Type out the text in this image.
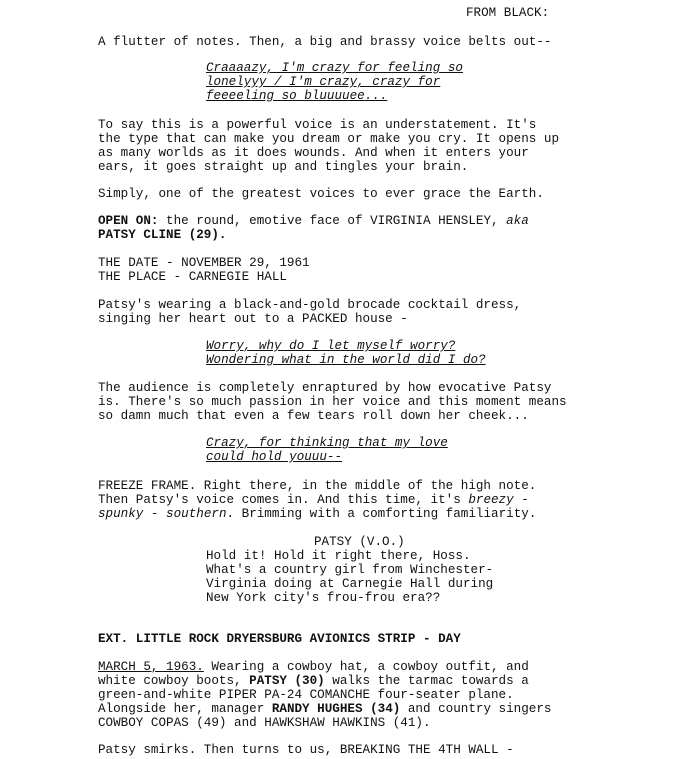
FROM BLACK:
A flutter of notes. Then, a big and brassy voice belts out--
Craaaazy, I'm crazy for feeling so
lonelyyy / I'm crazy, crazy for
feeeeling so bluuuuee...
To say this is a powerful voice is an understatement. It's
the type that can make you dream or make you cry. It opens up
as many worlds as it does wounds. And when it enters your
ears, it goes straight up and tingles your brain.
Simply, one of the greatest voices to ever grace the Earth.
OPEN ON: the round, emotive face of VIRGINIA HENSLEY, aka
PATSY CLINE (29).
THE DATE - NOVEMBER 29, 1961
THE PLACE - CARNEGIE HALL
Patsy's wearing a black-and-gold brocade cocktail dress,
singing her heart out to a PACKED house -
Worry, why do I let myself worry?
Wondering what in the world did I do?
The audience is completely enraptured by how evocative Patsy
is. There's so much passion in her voice and this moment means
so damn much that even a few tears roll down her cheek...
Crazy, for thinking that my love
could hold youuu--
FREEZE FRAME. Right there, in the middle of the high note.
Then Patsy's voice comes in. And this time, it's breezy -
spunky - southern. Brimming with a comforting familiarity.
PATSY (V.O.)
Hold it! Hold it right there, Hoss.
What's a country girl from Winchester-
Virginia doing at Carnegie Hall during
New York city's frou-frou era??
EXT. LITTLE ROCK DRYERSBURG AVIONICS STRIP - DAY
MARCH 5, 1963. Wearing a cowboy hat, a cowboy outfit, and
white cowboy boots, PATSY (30) walks the tarmac towards a
green-and-white PIPER PA-24 COMANCHE four-seater plane.
Alongside her, manager RANDY HUGHES (34) and country singers
COWBOY COPAS (49) and HAWKSHAW HAWKINS (41).
Patsy smirks. Then turns to us, BREAKING THE 4TH WALL -
